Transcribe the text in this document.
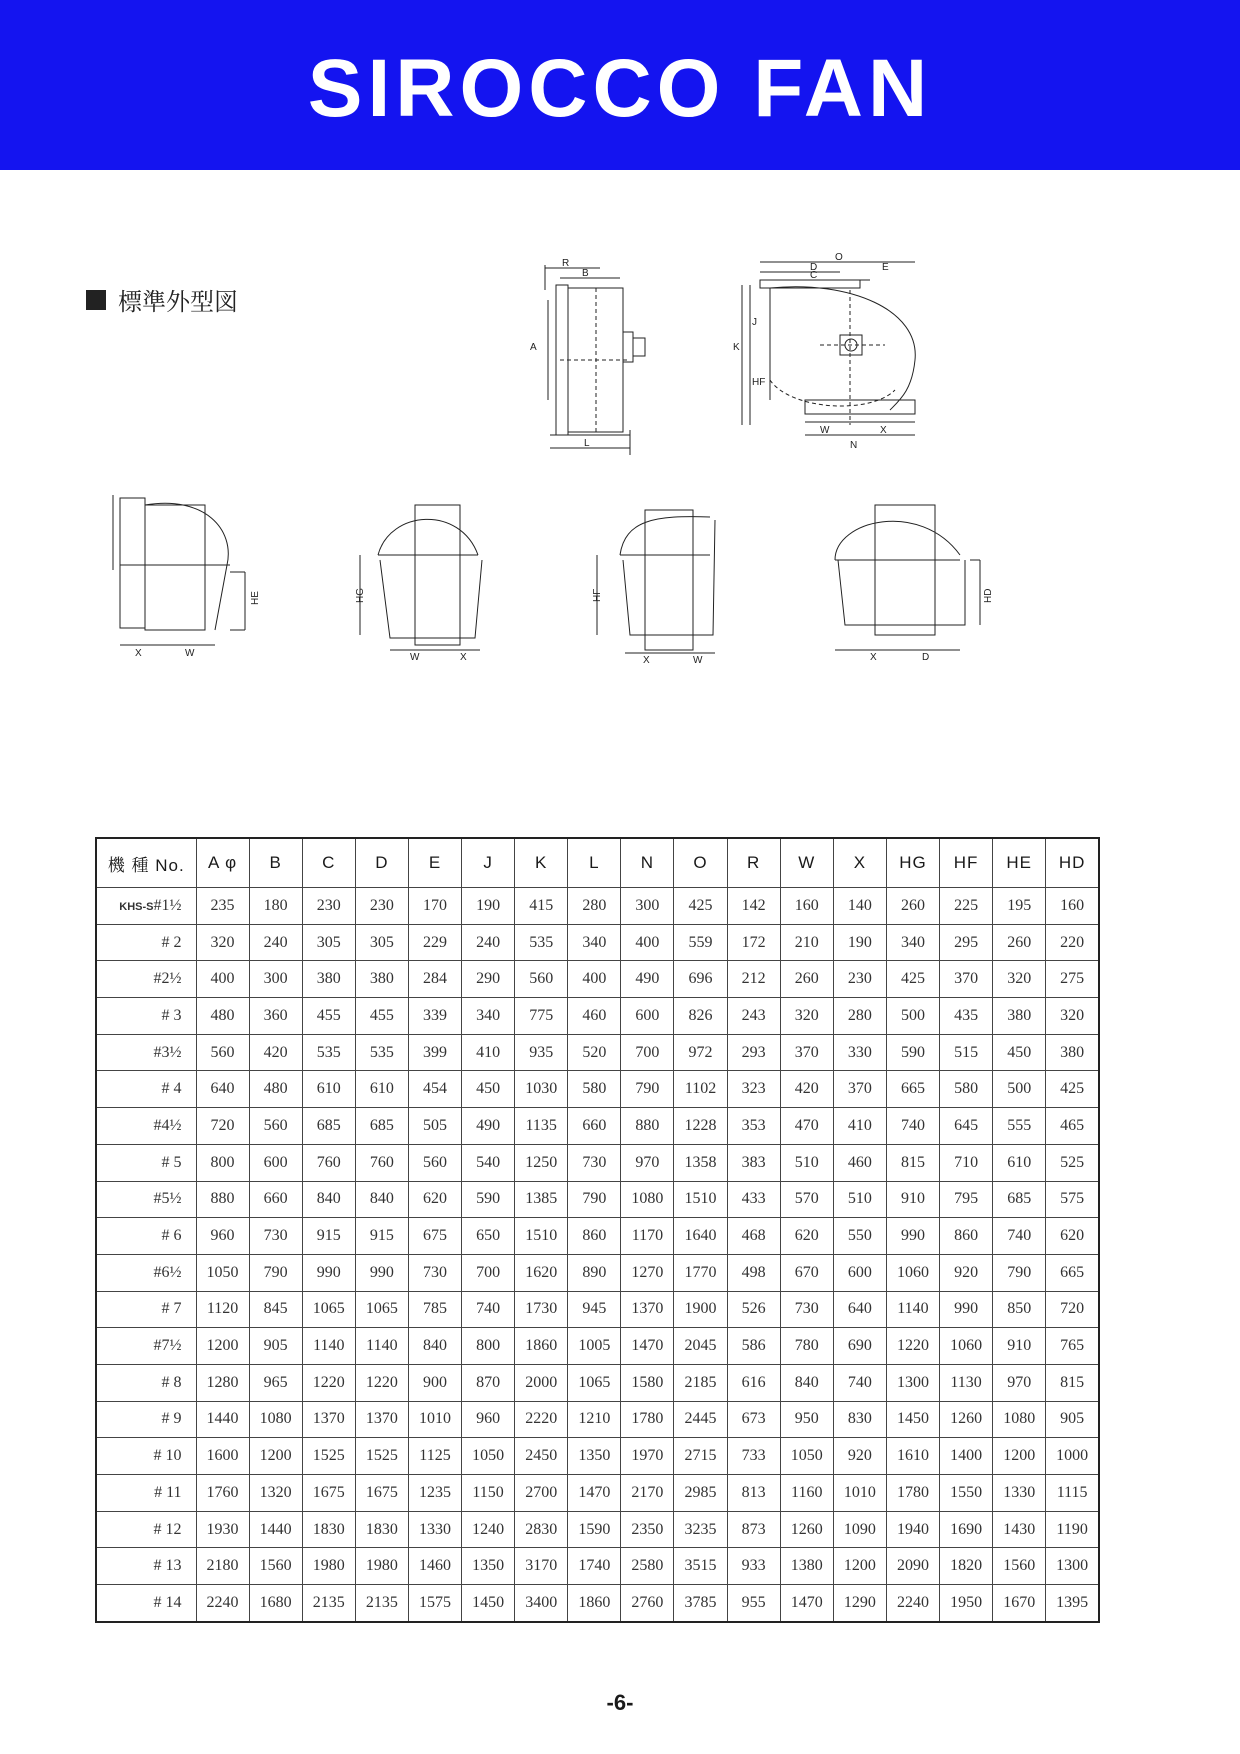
SIROCCO FAN
標準外型図
R
B
A
L
D
O
C
E
J
K
HF
W	X
N
HE
X	W
HG
W	X
HF
X	W
HD
X	D
機 種 No.	A φ	B	C	D	E	J	K	L	N	O	R	W	X	HG	HF	HE	HD
KHS-S#1½	235	180	230	230	170	190	415	280	300	425	142	160	140	260	225	195	160
# 2	320	240	305	305	229	240	535	340	400	559	172	210	190	340	295	260	220
#2½	400	300	380	380	284	290	560	400	490	696	212	260	230	425	370	320	275
# 3	480	360	455	455	339	340	775	460	600	826	243	320	280	500	435	380	320
#3½	560	420	535	535	399	410	935	520	700	972	293	370	330	590	515	450	380
# 4	640	480	610	610	454	450	1030	580	790	1102	323	420	370	665	580	500	425
#4½	720	560	685	685	505	490	1135	660	880	1228	353	470	410	740	645	555	465
# 5	800	600	760	760	560	540	1250	730	970	1358	383	510	460	815	710	610	525
#5½	880	660	840	840	620	590	1385	790	1080	1510	433	570	510	910	795	685	575
# 6	960	730	915	915	675	650	1510	860	1170	1640	468	620	550	990	860	740	620
#6½	1050	790	990	990	730	700	1620	890	1270	1770	498	670	600	1060	920	790	665
# 7	1120	845	1065	1065	785	740	1730	945	1370	1900	526	730	640	1140	990	850	720
#7½	1200	905	1140	1140	840	800	1860	1005	1470	2045	586	780	690	1220	1060	910	765
# 8	1280	965	1220	1220	900	870	2000	1065	1580	2185	616	840	740	1300	1130	970	815
# 9	1440	1080	1370	1370	1010	960	2220	1210	1780	2445	673	950	830	1450	1260	1080	905
# 10	1600	1200	1525	1525	1125	1050	2450	1350	1970	2715	733	1050	920	1610	1400	1200	1000
# 11	1760	1320	1675	1675	1235	1150	2700	1470	2170	2985	813	1160	1010	1780	1550	1330	1115
# 12	1930	1440	1830	1830	1330	1240	2830	1590	2350	3235	873	1260	1090	1940	1690	1430	1190
# 13	2180	1560	1980	1980	1460	1350	3170	1740	2580	3515	933	1380	1200	2090	1820	1560	1300
# 14	2240	1680	2135	2135	1575	1450	3400	1860	2760	3785	955	1470	1290	2240	1950	1670	1395
-6-
